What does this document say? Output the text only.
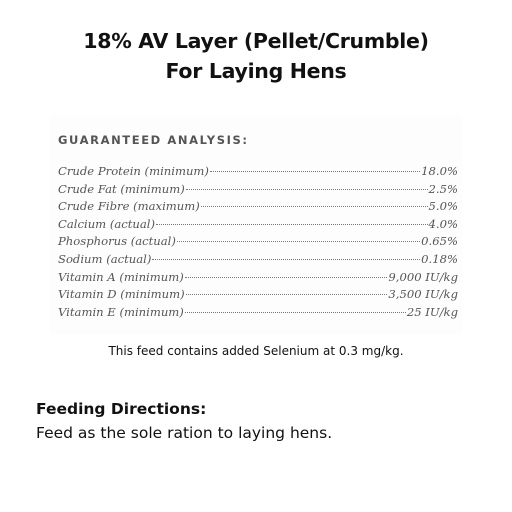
18% AV Layer (Pellet/Crumble)
For Laying Hens
GUARANTEED ANALYSIS:
Crude Protein (minimum)	18.0%
Crude Fat (minimum)	2.5%
Crude Fibre (maximum)	5.0%
Calcium (actual)	4.0%
Phosphorus (actual)	0.65%
Sodium (actual)	0.18%
Vitamin A (minimum)	9,000 IU/kg
Vitamin D (minimum)	3,500 IU/kg
Vitamin E (minimum)	25 IU/kg
This feed contains added Selenium at 0.3 mg/kg.
Feeding Directions:
Feed as the sole ration to laying hens.
